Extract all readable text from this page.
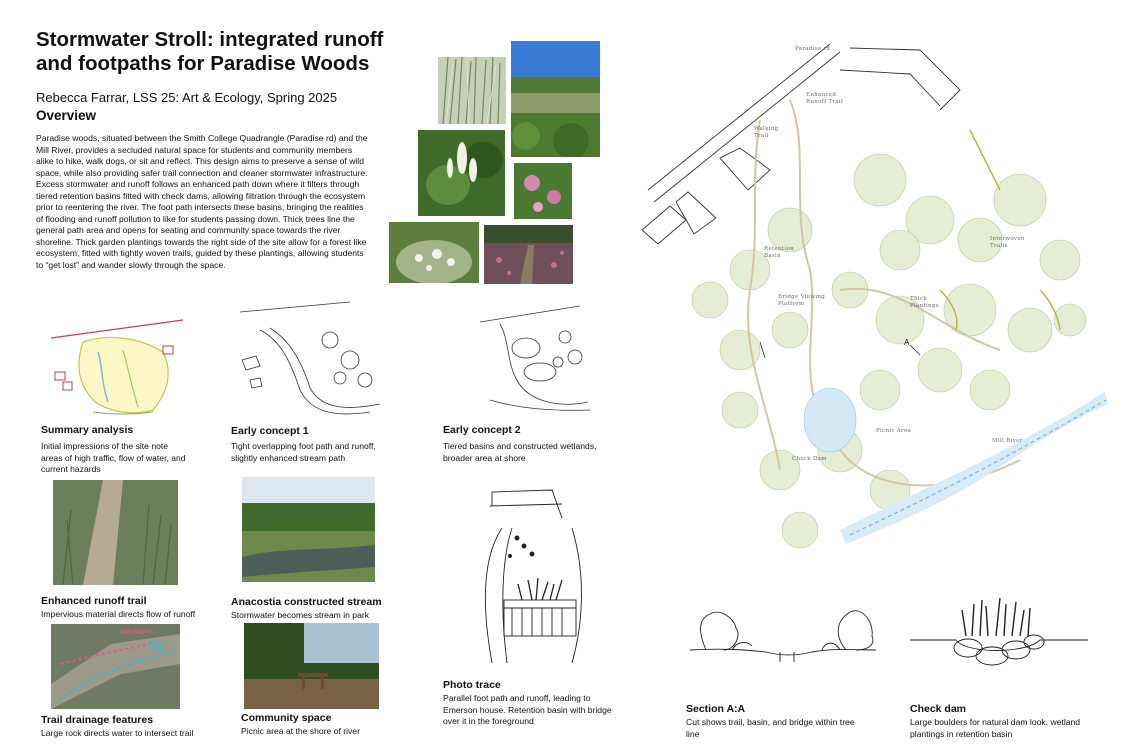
Stormwater Stroll: integrated runoff and footpaths for Paradise Woods
Rebecca Farrar, LSS 25: Art & Ecology, Spring 2025
Overview
Paradise woods, situated between the Smith College Quadrangle (Paradise rd) and the Mill River, provides a secluded natural space for students and community members alike to hike, walk dogs, or sit and reflect. This design aims to preserve a sense of wild space, while also providing safer trail connection and cleaner stormwater infrastructure. Excess stormwater and runoff follows an enhanced path down where it filters through tiered retention basins fitted with check dams, allowing filtration through the ecosystem prior to reentering the river. The foot path intersects these basins, bringing the realities of flooding and runoff pollution to like for students passing down. Thick trees line the general path area and opens for seating and community space towards the river shoreline. Thick garden plantings towards the right side of the site allow for a forest like ecosystem, fitted with tightly woven trails, guided by these plantings, allowing students to “get lost” and wander slowly through the space.
Summary analysis
Initial impressions of the site note areas of high traffic, flow of water, and current hazards
Early concept 1
Tight overlapping foot path and runoff, slightly enhanced stream path
Early concept 2
Tiered basins and constructed wetlands, broader area at shore
Enhanced runoff trail
Impervious material directs flow of runoff
Anacostia constructed stream
Stormwater becomes stream in park
HIGH TRAFFIC
WATER FLOW
Trail drainage features
Large rock directs water to intersect trail
Community space
Picnic area at the shore of river
Photo trace
Parallel foot path and runoff, leading to Emerson house. Retention basin with bridge over it in the foreground
Section A:A
Cut shows trail, basin, and bridge within tree line
Check dam
Large boulders for natural dam look, wetland plantings in retention basin
Paradise rd
Enhanced Runoff Trail
Walking Trail
Retention Basin
Bridge Viewing Platform
Interwoven Trails
Thick Plantings
Picnic Area
Check Dam
Mill River
A
